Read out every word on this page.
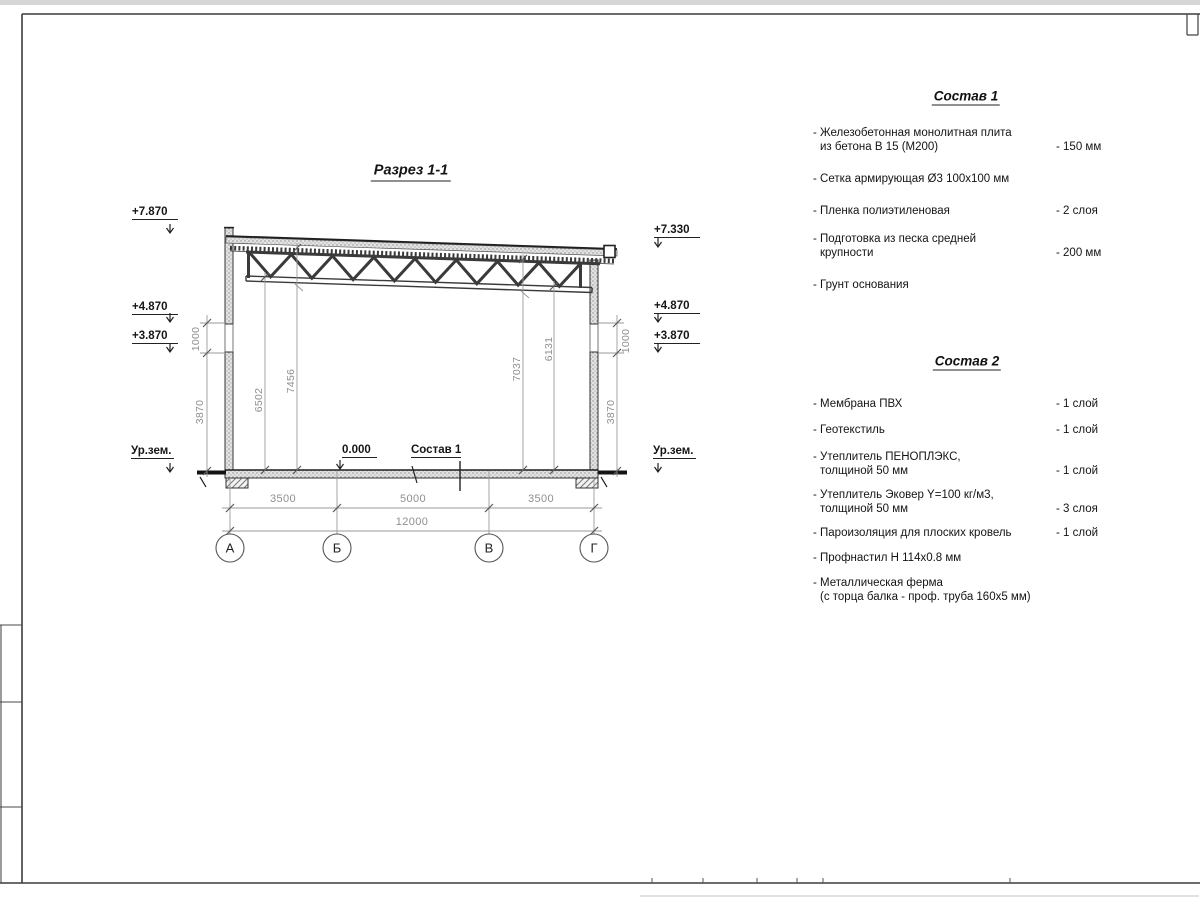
Разрез 1-1
+7.870
+4.870
+3.870
Ур.зем.
+7.330
+4.870
+3.870
Ур.зем.
0.000	Состав 1
1000
3870	6502
7456	7037
6131	1000
3870
3500	5000	3500
12000
А	Б	В	Г
Состав 1
- Железобетонная монолитная плита
из бетона В 15 (М200)	- 150 мм
- Сетка армирующая Ø3 100х100 мм
- Пленка полиэтиленовая	- 2 слоя
- Подготовка из песка средней
крупности	- 200 мм
- Грунт основания
Состав 2
- Мембрана ПВХ	- 1 слой
- Геотекстиль	- 1 слой
- Утеплитель ПЕНОПЛЭКС,
толщиной 50 мм	- 1 слой
- Утеплитель Эковер Y=100 кг/м3,
толщиной 50 мм	- 3 слоя
- Пароизоляция для плоских кровель	- 1 слой
- Профнастил Н 114х0.8 мм
- Металлическая ферма
(с торца балка - проф. труба 160х5 мм)
